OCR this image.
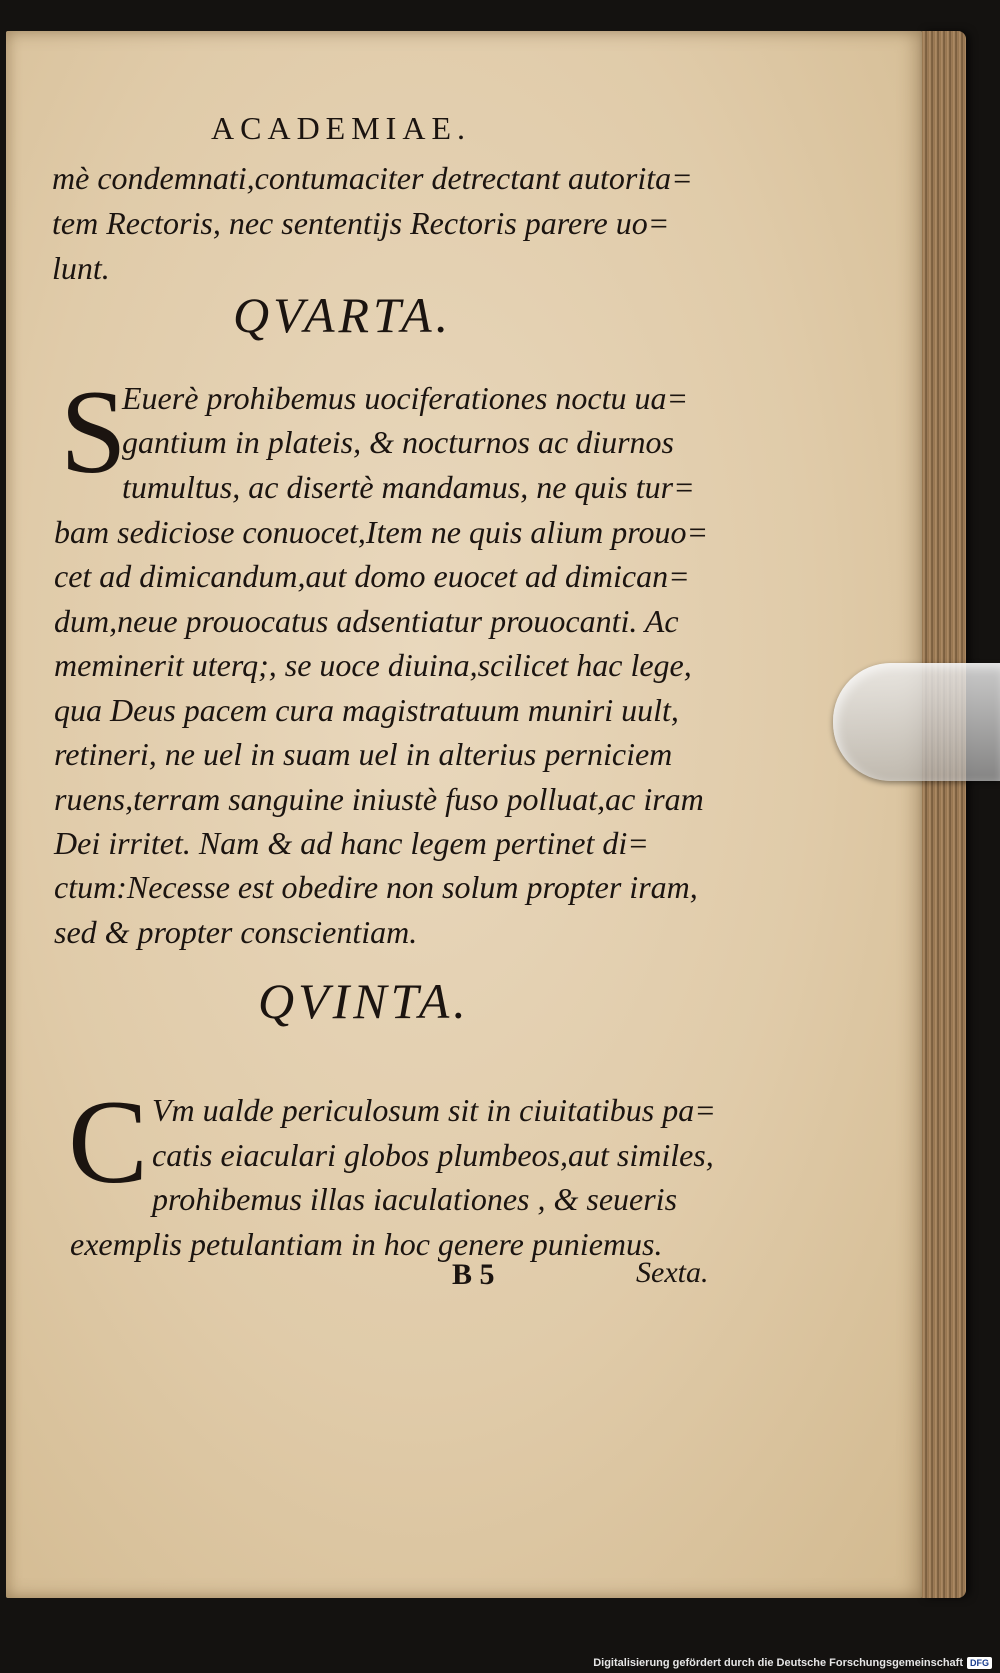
ACADEMIAE.
mè condemnati,contumaciter detrectant autorita=
tem Rectoris, nec sententijs Rectoris parere uo=
lunt.
QVARTA.
S
Euerè prohibemus uociferationes noctu ua=
gantium in plateis, & nocturnos ac diurnos
tumultus, ac disertè mandamus, ne quis tur=
bam sediciose conuocet,Item ne quis alium prouo=
cet ad dimicandum,aut domo euocet ad dimican=
dum,neue prouocatus adsentiatur prouocanti. Ac
meminerit uterq;, se uoce diuina,scilicet hac lege,
qua Deus pacem cura magistratuum muniri uult,
retineri, ne uel in suam uel in alterius perniciem
ruens,terram sanguine iniustè fuso polluat,ac iram
Dei irritet. Nam & ad hanc legem pertinet di=
ctum:Necesse est obedire non solum propter iram,
sed & propter conscientiam.
QVINTA.
C Vm ualde periculosum sit in ciuitatibus pa=
catis eiaculari globos plumbeos,aut similes,
prohibemus illas iaculationes , & seueris
exemplis petulantiam in hoc genere puniemus.
B 5	Sexta.
Digitalisierung gefördert durch die Deutsche Forschungsgemeinschaft DFG
